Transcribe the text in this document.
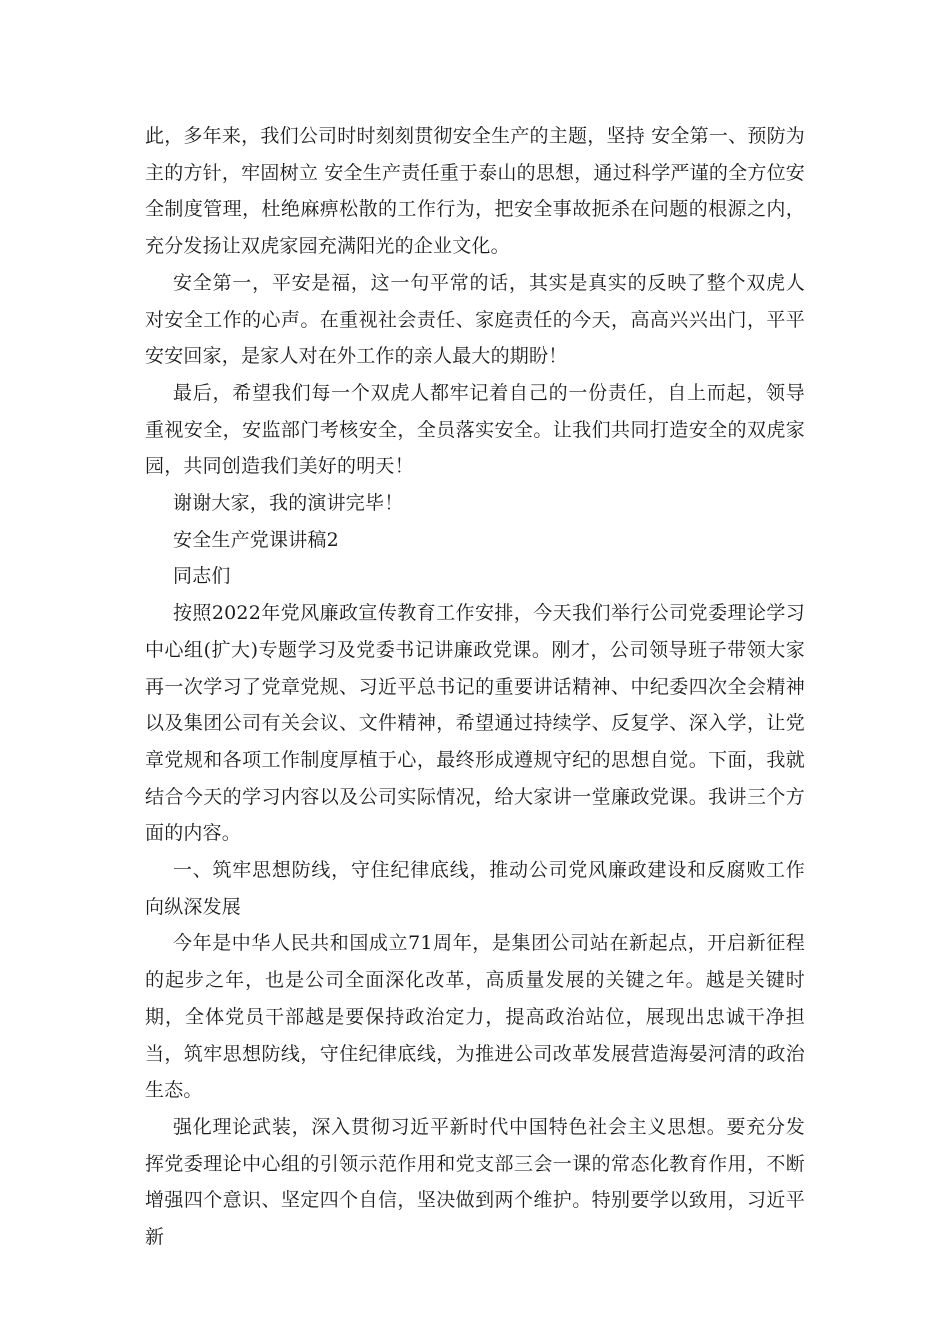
此，多年来，我们公司时时刻刻贯彻安全生产的主题，坚持 安全第一、预防为主的方针，牢固树立 安全生产责任重于泰山的思想，通过科学严谨的全方位安全制度管理，杜绝麻痹松散的工作行为，把安全事故扼杀在问题的根源之内，充分发扬让双虎家园充满阳光的企业文化。

安全第一，平安是福，这一句平常的话，其实是真实的反映了整个双虎人对安全工作的心声。在重视社会责任、家庭责任的今天，高高兴兴出门，平平安安回家，是家人对在外工作的亲人最大的期盼！

最后，希望我们每一个双虎人都牢记着自己的一份责任，自上而起，领导重视安全，安监部门考核安全，全员落实安全。让我们共同打造安全的双虎家园，共同创造我们美好的明天！

谢谢大家，我的演讲完毕！

安全生产党课讲稿2

同志们

按照2022年党风廉政宣传教育工作安排，今天我们举行公司党委理论学习中心组(扩大)专题学习及党委书记讲廉政党课。刚才，公司领导班子带领大家再一次学习了党章党规、习近平总书记的重要讲话精神、中纪委四次全会精神以及集团公司有关会议、文件精神，希望通过持续学、反复学、深入学，让党章党规和各项工作制度厚植于心，最终形成遵规守纪的思想自觉。下面，我就结合今天的学习内容以及公司实际情况，给大家讲一堂廉政党课。我讲三个方面的内容。

一、筑牢思想防线，守住纪律底线，推动公司党风廉政建设和反腐败工作向纵深发展

今年是中华人民共和国成立71周年，是集团公司站在新起点，开启新征程的起步之年，也是公司全面深化改革，高质量发展的关键之年。越是关键时期，全体党员干部越是要保持政治定力，提高政治站位，展现出忠诚干净担当，筑牢思想防线，守住纪律底线，为推进公司改革发展营造海晏河清的政治生态。

强化理论武装，深入贯彻习近平新时代中国特色社会主义思想。要充分发挥党委理论中心组的引领示范作用和党支部三会一课的常态化教育作用，不断增强四个意识、坚定四个自信，坚决做到两个维护。特别要学以致用，习近平新
